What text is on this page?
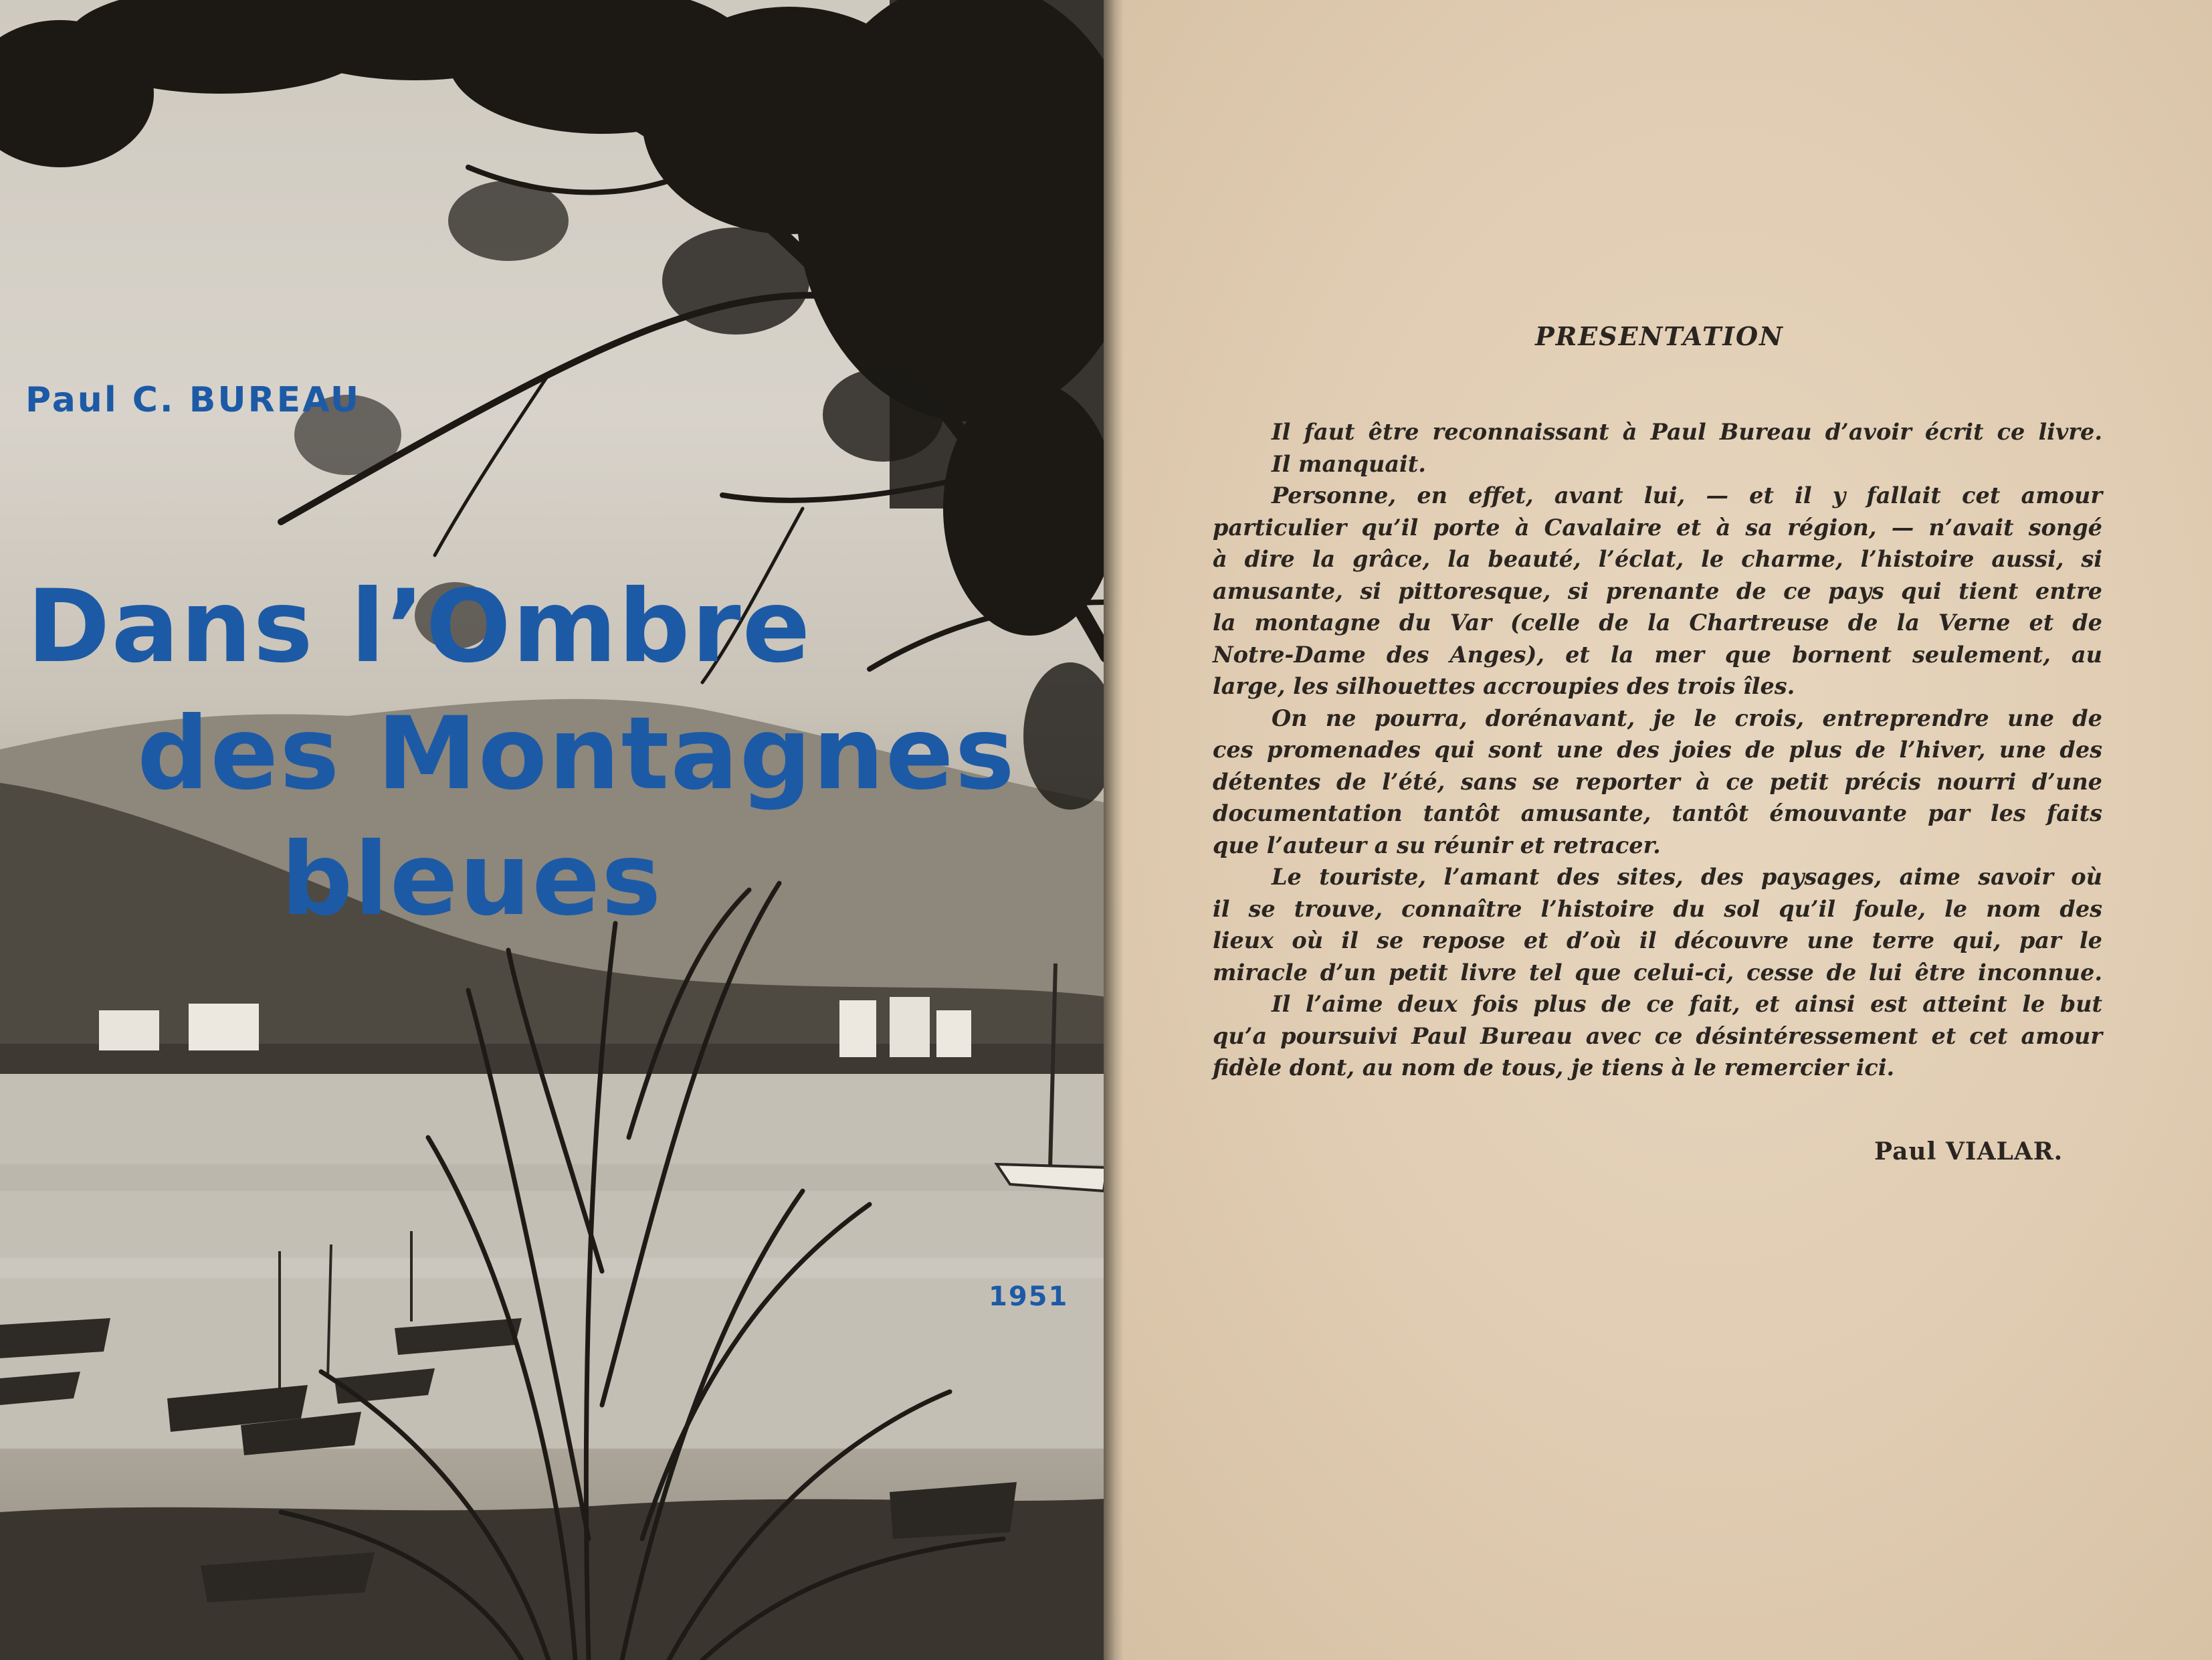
Paul C. BUREAU
Dans l’Ombre
des Montagnes
bleues
1951
PRESENTATION
Il faut être reconnaissant à Paul Bureau d’avoir écrit ce livre.
Il manquait.
Personne, en effet, avant lui, — et il y fallait cet amour
particulier qu’il porte à Cavalaire et à sa région, — n’avait songé
à dire la grâce, la beauté, l’éclat, le charme, l’histoire aussi, si
amusante, si pittoresque, si prenante de ce pays qui tient entre
la montagne du Var (celle de la Chartreuse de la Verne et de
Notre-Dame des Anges), et la mer que bornent seulement, au
large, les silhouettes accroupies des trois îles.
On ne pourra, dorénavant, je le crois, entreprendre une de
ces promenades qui sont une des joies de plus de l’hiver, une des
détentes de l’été, sans se reporter à ce petit précis nourri d’une
documentation tantôt amusante, tantôt émouvante par les faits
que l’auteur a su réunir et retracer.
Le touriste, l’amant des sites, des paysages, aime savoir où
il se trouve, connaître l’histoire du sol qu’il foule, le nom des
lieux où il se repose et d’où il découvre une terre qui, par le
miracle d’un petit livre tel que celui-ci, cesse de lui être inconnue.
Il l’aime deux fois plus de ce fait, et ainsi est atteint le but
qu’a poursuivi Paul Bureau avec ce désintéressement et cet amour
fidèle dont, au nom de tous, je tiens à le remercier ici.
Paul VIALAR.
